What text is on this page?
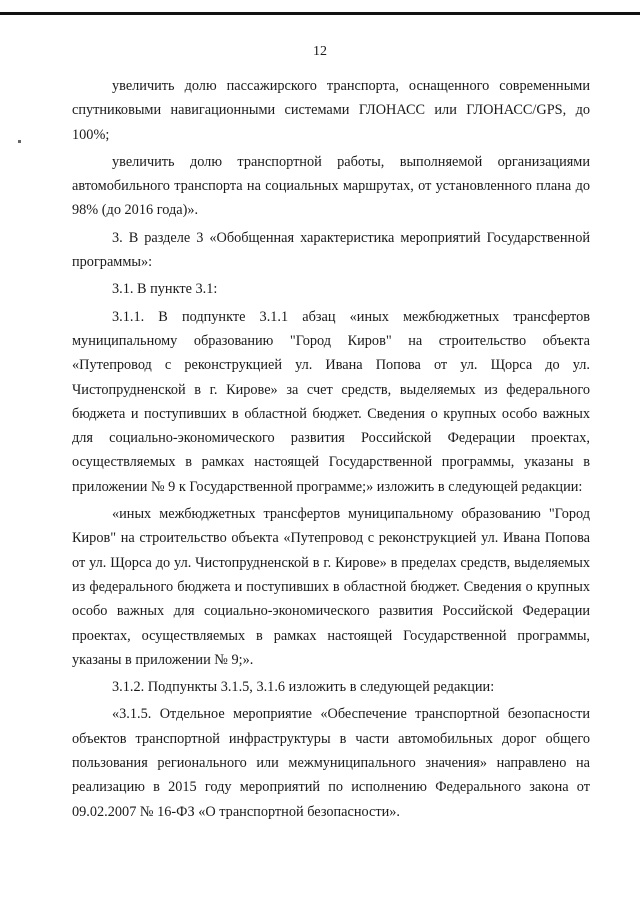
12

увеличить долю пассажирского транспорта, оснащенного современными спутниковыми навигационными системами ГЛОНАСС или ГЛОНАСС/GPS, до 100%;

увеличить долю транспортной работы, выполняемой организациями автомобильного транспорта на социальных маршрутах, от установленного плана до 98% (до 2016 года)».

3. В разделе 3 «Обобщенная характеристика мероприятий Государственной программы»:

3.1. В пункте 3.1:

3.1.1. В подпункте 3.1.1 абзац «иных межбюджетных трансфертов муниципальному образованию "Город Киров" на строительство объекта «Путепровод с реконструкцией ул. Ивана Попова от ул. Щорса до ул. Чистопрудненской в г. Кирове» за счет средств, выделяемых из федерального бюджета и поступивших в областной бюджет. Сведения о крупных особо важных для социально-экономического развития Российской Федерации проектах, осуществляемых в рамках настоящей Государственной программы, указаны в приложении № 9 к Государственной программе;» изложить в следующей редакции:

«иных межбюджетных трансфертов муниципальному образованию "Город Киров" на строительство объекта «Путепровод с реконструкцией ул. Ивана Попова от ул. Щорса до ул. Чистопрудненской в г. Кирове» в пределах средств, выделяемых из федерального бюджета и поступивших в областной бюджет. Сведения о крупных особо важных для социально-экономического развития Российской Федерации проектах, осуществляемых в рамках настоящей Государственной программы, указаны в приложении № 9;».

3.1.2. Подпункты 3.1.5, 3.1.6 изложить в следующей редакции:

«3.1.5. Отдельное мероприятие «Обеспечение транспортной безопасности объектов транспортной инфраструктуры в части автомобильных дорог общего пользования регионального или межмуниципального значения» направлено на реализацию в 2015 году мероприятий по исполнению Федерального закона от 09.02.2007 № 16-ФЗ «О транспортной безопасности».
